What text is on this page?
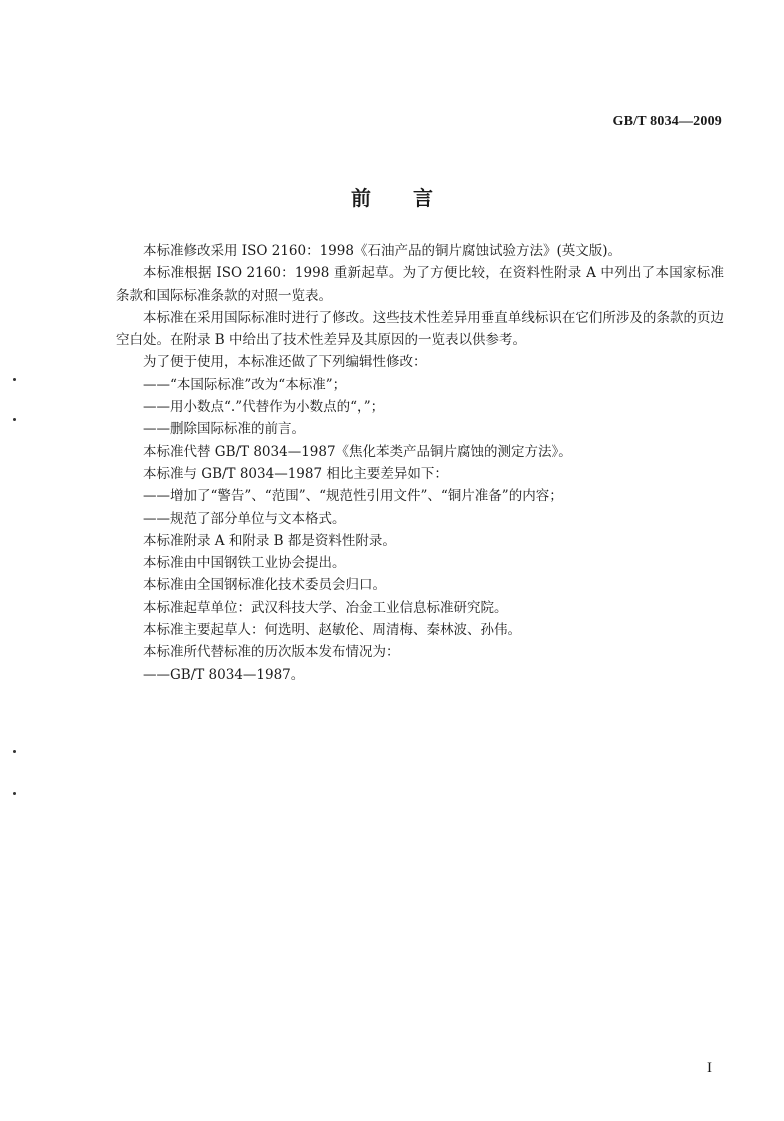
GB/T 8034—2009
前言

本标准修改采用 ISO 2160：1998《石油产品的铜片腐蚀试验方法》(英文版)。

本标准根据 ISO 2160：1998 重新起草。为了方便比较，在资料性附录 A 中列出了本国家标准条款和国际标准条款的对照一览表。

本标准在采用国际标准时进行了修改。这些技术性差异用垂直单线标识在它们所涉及的条款的页边空白处。在附录 B 中给出了技术性差异及其原因的一览表以供参考。

为了便于使用，本标准还做了下列编辑性修改：

——“本国际标准”改为“本标准”；

——用小数点“.”代替作为小数点的“，”；

——删除国际标准的前言。

本标准代替 GB/T 8034—1987《焦化苯类产品铜片腐蚀的测定方法》。

本标准与 GB/T 8034—1987 相比主要差异如下：

——增加了“警告”、“范围”、“规范性引用文件”、“铜片准备”的内容；

——规范了部分单位与文本格式。

本标准附录 A 和附录 B 都是资料性附录。

本标准由中国钢铁工业协会提出。

本标准由全国钢标准化技术委员会归口。

本标准起草单位：武汉科技大学、冶金工业信息标准研究院。

本标准主要起草人：何选明、赵敏伦、周清梅、秦林波、孙伟。

本标准所代替标准的历次版本发布情况为：

——GB/T 8034—1987。

I
